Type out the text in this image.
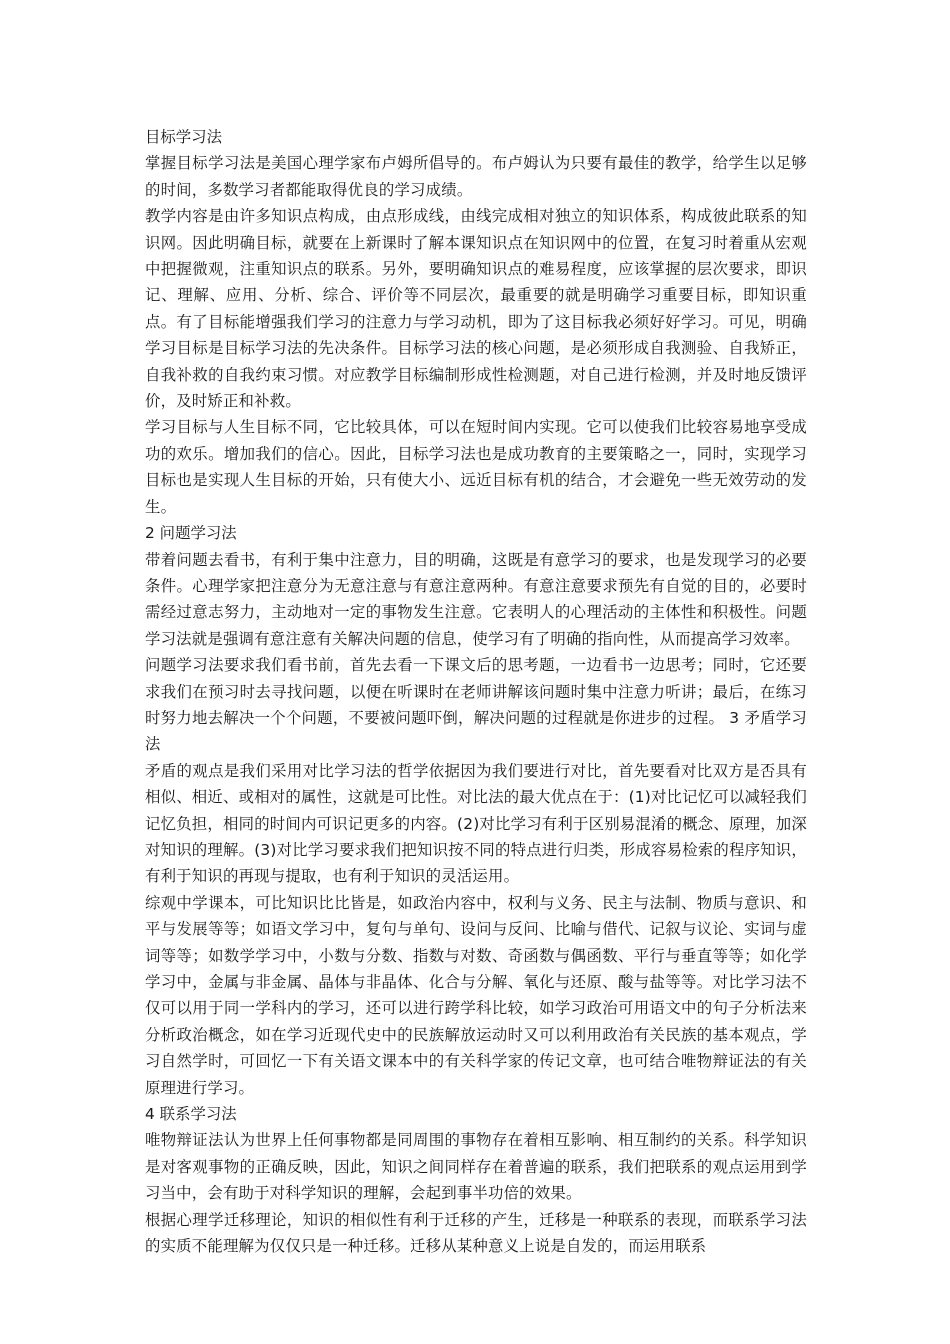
目标学习法

掌握目标学习法是美国心理学家布卢姆所倡导的。布卢姆认为只要有最佳的教学，给学生以足够的时间，多数学习者都能取得优良的学习成绩。

教学内容是由许多知识点构成，由点形成线，由线完成相对独立的知识体系，构成彼此联系的知识网。因此明确目标，就要在上新课时了解本课知识点在知识网中的位置，在复习时着重从宏观中把握微观，注重知识点的联系。另外，要明确知识点的难易程度，应该掌握的层次要求，即识记、理解、应用、分析、综合、评价等不同层次，最重要的就是明确学习重要目标，即知识重点。有了目标能增强我们学习的注意力与学习动机，即为了这目标我必须好好学习。可见，明确学习目标是目标学习法的先决条件。目标学习法的核心问题，是必须形成自我测验、自我矫正，自我补救的自我约束习惯。对应教学目标编制形成性检测题，对自己进行检测，并及时地反馈评价，及时矫正和补救。

学习目标与人生目标不同，它比较具体，可以在短时间内实现。它可以使我们比较容易地享受成功的欢乐。增加我们的信心。因此，目标学习法也是成功教育的主要策略之一，同时，实现学习目标也是实现人生目标的开始，只有使大小、远近目标有机的结合，才会避免一些无效劳动的发生。

2 问题学习法

带着问题去看书，有利于集中注意力，目的明确，这既是有意学习的要求，也是发现学习的必要条件。心理学家把注意分为无意注意与有意注意两种。有意注意要求预先有自觉的目的，必要时需经过意志努力，主动地对一定的事物发生注意。它表明人的心理活动的主体性和积极性。问题学习法就是强调有意注意有关解决问题的信息，使学习有了明确的指向性，从而提高学习效率。

问题学习法要求我们看书前，首先去看一下课文后的思考题，一边看书一边思考；同时，它还要求我们在预习时去寻找问题，以便在听课时在老师讲解该问题时集中注意力听讲；最后，在练习时努力地去解决一个个问题，不要被问题吓倒，解决问题的过程就是你进步的过程。 3 矛盾学习法

矛盾的观点是我们采用对比学习法的哲学依据因为我们要进行对比，首先要看对比双方是否具有相似、相近、或相对的属性，这就是可比性。对比法的最大优点在于：(1)对比记忆可以减轻我们记忆负担，相同的时间内可识记更多的内容。(2)对比学习有利于区别易混淆的概念、原理，加深对知识的理解。(3)对比学习要求我们把知识按不同的特点进行归类，形成容易检索的程序知识，有利于知识的再现与提取，也有利于知识的灵活运用。

综观中学课本，可比知识比比皆是，如政治内容中，权利与义务、民主与法制、物质与意识、和平与发展等等；如语文学习中，复句与单句、设问与反问、比喻与借代、记叙与议论、实词与虚词等等；如数学学习中，小数与分数、指数与对数、奇函数与偶函数、平行与垂直等等；如化学学习中，金属与非金属、晶体与非晶体、化合与分解、氧化与还原、酸与盐等等。对比学习法不仅可以用于同一学科内的学习，还可以进行跨学科比较，如学习政治可用语文中的句子分析法来分析政治概念，如在学习近现代史中的民族解放运动时又可以利用政治有关民族的基本观点，学习自然学时，可回忆一下有关语文课本中的有关科学家的传记文章，也可结合唯物辩证法的有关原理进行学习。

4 联系学习法

唯物辩证法认为世界上任何事物都是同周围的事物存在着相互影响、相互制约的关系。科学知识是对客观事物的正确反映，因此，知识之间同样存在着普遍的联系，我们把联系的观点运用到学习当中，会有助于对科学知识的理解，会起到事半功倍的效果。

根据心理学迁移理论，知识的相似性有利于迁移的产生，迁移是一种联系的表现，而联系学习法的实质不能理解为仅仅只是一种迁移。迁移从某种意义上说是自发的，而运用联系
